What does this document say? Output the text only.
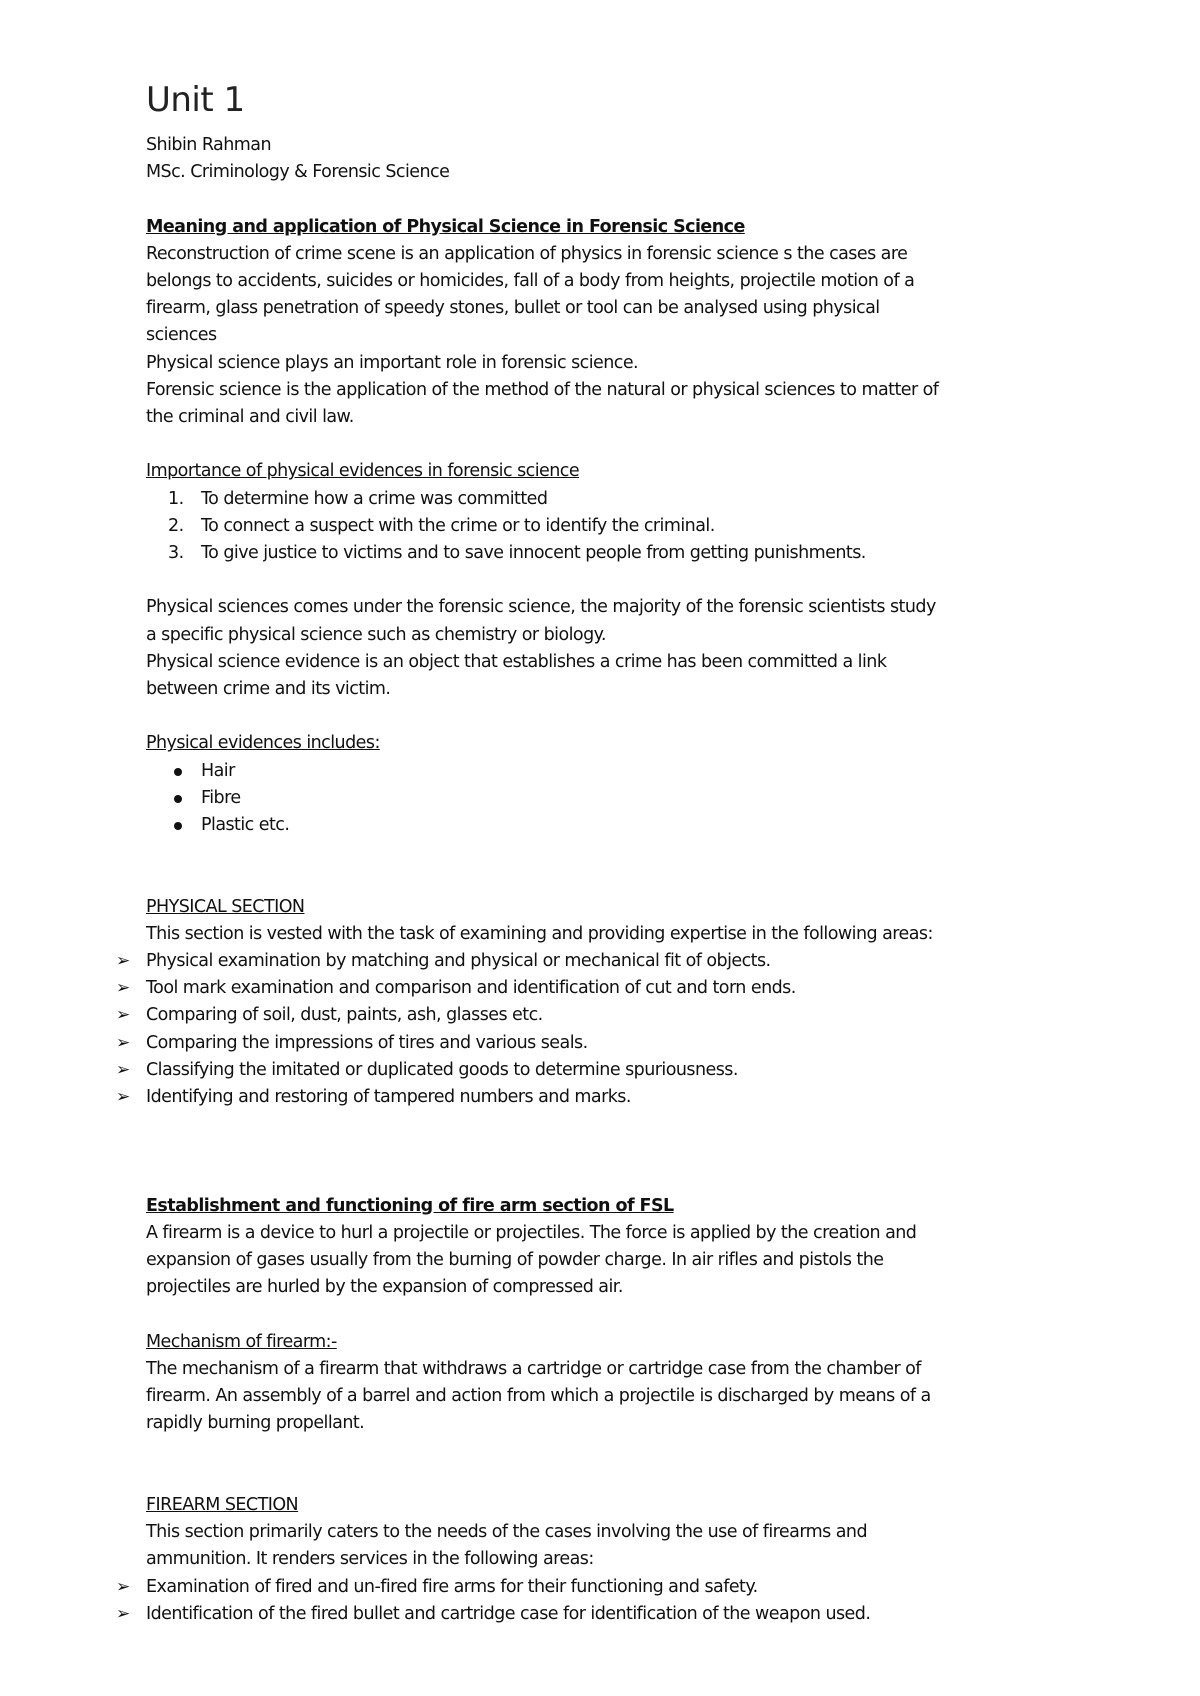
Unit 1

Shibin Rahman

MSc. Criminology & Forensic Science

Meaning and application of Physical Science in Forensic Science

Reconstruction of crime scene is an application of physics in forensic science s the cases are

belongs to accidents, suicides or homicides, fall of a body from heights, projectile motion of a

firearm, glass penetration of speedy stones, bullet or tool can be analysed using physical

sciences

Physical science plays an important role in forensic science.

Forensic science is the application of the method of the natural or physical sciences to matter of

the criminal and civil law.

Importance of physical evidences in forensic science

1. To determine how a crime was committed
2. To connect a suspect with the crime or to identify the criminal.
3. To give justice to victims and to save innocent people from getting punishments.

Physical sciences comes under the forensic science, the majority of the forensic scientists study

a specific physical science such as chemistry or biology.

Physical science evidence is an object that establishes a crime has been committed a link

between crime and its victim.

Physical evidences includes:

Hair
Fibre
Plastic etc.

PHYSICAL SECTION

This section is vested with the task of examining and providing expertise in the following areas:

➢ Physical examination by matching and physical or mechanical fit of objects.
➢ Tool mark examination and comparison and identification of cut and torn ends.
➢ Comparing of soil, dust, paints, ash, glasses etc.
➢ Comparing the impressions of tires and various seals.
➢ Classifying the imitated or duplicated goods to determine spuriousness.
➢ Identifying and restoring of tampered numbers and marks.

Establishment and functioning of fire arm section of FSL

A firearm is a device to hurl a projectile or projectiles. The force is applied by the creation and

expansion of gases usually from the burning of powder charge. In air rifles and pistols the

projectiles are hurled by the expansion of compressed air.

Mechanism of firearm:-

The mechanism of a firearm that withdraws a cartridge or cartridge case from the chamber of

firearm. An assembly of a barrel and action from which a projectile is discharged by means of a

rapidly burning propellant.

FIREARM SECTION

This section primarily caters to the needs of the cases involving the use of firearms and

ammunition. It renders services in the following areas:

➢ Examination of fired and un-fired fire arms for their functioning and safety.
➢ Identification of the fired bullet and cartridge case for identification of the weapon used.
